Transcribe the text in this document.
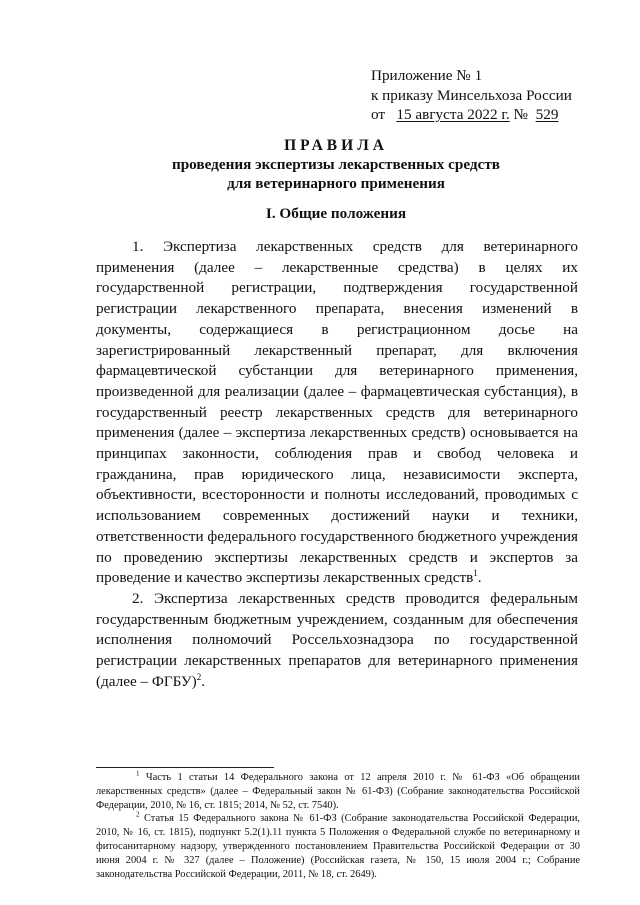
Приложение № 1
к приказу Минсельхоза России
от 15 августа 2022 г. № 529
ПРАВИЛА
проведения экспертизы лекарственных средств
для ветеринарного применения
I. Общие положения

1. Экспертиза лекарственных средств для ветеринарного применения (далее – лекарственные средства) в целях их государственной регистрации, подтверждения государственной регистрации лекарственного препарата, внесения изменений в документы, содержащиеся в регистрационном досье на зарегистрированный лекарственный препарат, для включения фармацевтической субстанции для ветеринарного применения, произведенной для реализации (далее – фармацевтическая субстанция), в государственный реестр лекарственных средств для ветеринарного применения (далее – экспертиза лекарственных средств) основывается на принципах законности, соблюдения прав и свобод человека и гражданина, прав юридического лица, независимости эксперта, объективности, всесторонности и полноты исследований, проводимых с использованием современных достижений науки и техники, ответственности федерального государственного бюджетного учреждения по проведению экспертизы лекарственных средств и экспертов за проведение и качество экспертизы лекарственных средств$^1$.

2. Экспертиза лекарственных средств проводится федеральным государственным бюджетным учреждением, созданным для обеспечения исполнения полномочий Россельхознадзора по государственной регистрации лекарственных препаратов для ветеринарного применения (далее – ФГБУ)$^2$.

$^1$ Часть 1 статьи 14 Федерального закона от 12 апреля 2010 г. № 61-ФЗ «Об обращении лекарственных средств» (далее – Федеральный закон № 61-ФЗ) (Собрание законодательства Российской Федерации, 2010, № 16, ст. 1815; 2014, № 52, ст. 7540).

$^2$ Статья 15 Федерального закона № 61-ФЗ (Собрание законодательства Российской Федерации, 2010, № 16, ст. 1815), подпункт 5.2(1).11 пункта 5 Положения о Федеральной службе по ветеринарному и фитосанитарному надзору, утвержденного постановлением Правительства Российской Федерации от 30 июня 2004 г. № 327 (далее – Положение) (Российская газета, № 150, 15 июля 2004 г.; Собрание законодательства Российской Федерации, 2011, № 18, ст. 2649).
